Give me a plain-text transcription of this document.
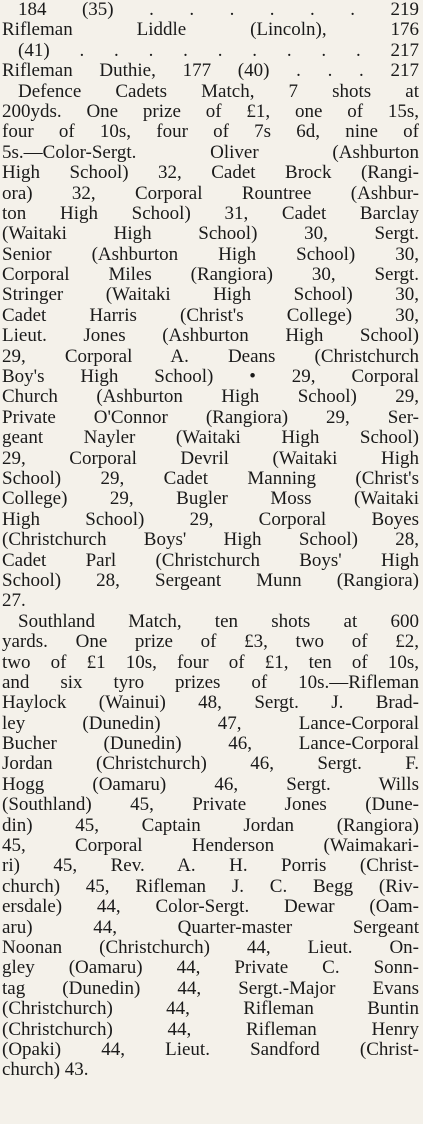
184 (35) . . . . . . 219
Rifleman Liddle (Lincoln), 176
(41) . . . . . . . . . 217
Rifleman Duthie, 177 (40) . . . 217
Defence Cadets Match, 7 shots at
200yds. One prize of £1, one of 15s,
four of 10s, four of 7s 6d, nine of
5s.—Color-Sergt. Oliver (Ashburton
High School) 32, Cadet Brock (Rangi-
ora) 32, Corporal Rountree (Ashbur-
ton High School) 31, Cadet Barclay
(Waitaki High School) 30, Sergt.
Senior (Ashburton High School) 30,
Corporal Miles (Rangiora) 30, Sergt.
Stringer (Waitaki High School) 30,
Cadet Harris (Christ's College) 30,
Lieut. Jones (Ashburton High School)
29, Corporal A. Deans (Christchurch
Boy's High School) • 29, Corporal
Church (Ashburton High School) 29,
Private O'Connor (Rangiora) 29, Ser-
geant Nayler (Waitaki High School)
29, Corporal Devril (Waitaki High
School) 29, Cadet Manning (Christ's
College) 29, Bugler Moss (Waitaki
High School) 29, Corporal Boyes
(Christchurch Boys' High School) 28,
Cadet Parl (Christchurch Boys' High
School) 28, Sergeant Munn (Rangiora)
27.
Southland Match, ten shots at 600
yards. One prize of £3, two of £2,
two of £1 10s, four of £1, ten of 10s,
and six tyro prizes of 10s.—Rifleman
Haylock (Wainui) 48, Sergt. J. Brad-
ley (Dunedin) 47, Lance-Corporal
Bucher (Dunedin) 46, Lance-Corporal
Jordan (Christchurch) 46, Sergt. F.
Hogg (Oamaru) 46, Sergt. Wills
(Southland) 45, Private Jones (Dune-
din) 45, Captain Jordan (Rangiora)
45, Corporal Henderson (Waimakari-
ri) 45, Rev. A. H. Porris (Christ-
church) 45, Rifleman J. C. Begg (Riv-
ersdale) 44, Color-Sergt. Dewar (Oam-
aru) 44, Quarter-master Sergeant
Noonan (Christchurch) 44, Lieut. On-
gley (Oamaru) 44, Private C. Sonn-
tag (Dunedin) 44, Sergt.-Major Evans
(Christchurch) 44, Rifleman Buntin
(Christchurch) 44, Rifleman Henry
(Opaki) 44, Lieut. Sandford (Christ-
church) 43.
